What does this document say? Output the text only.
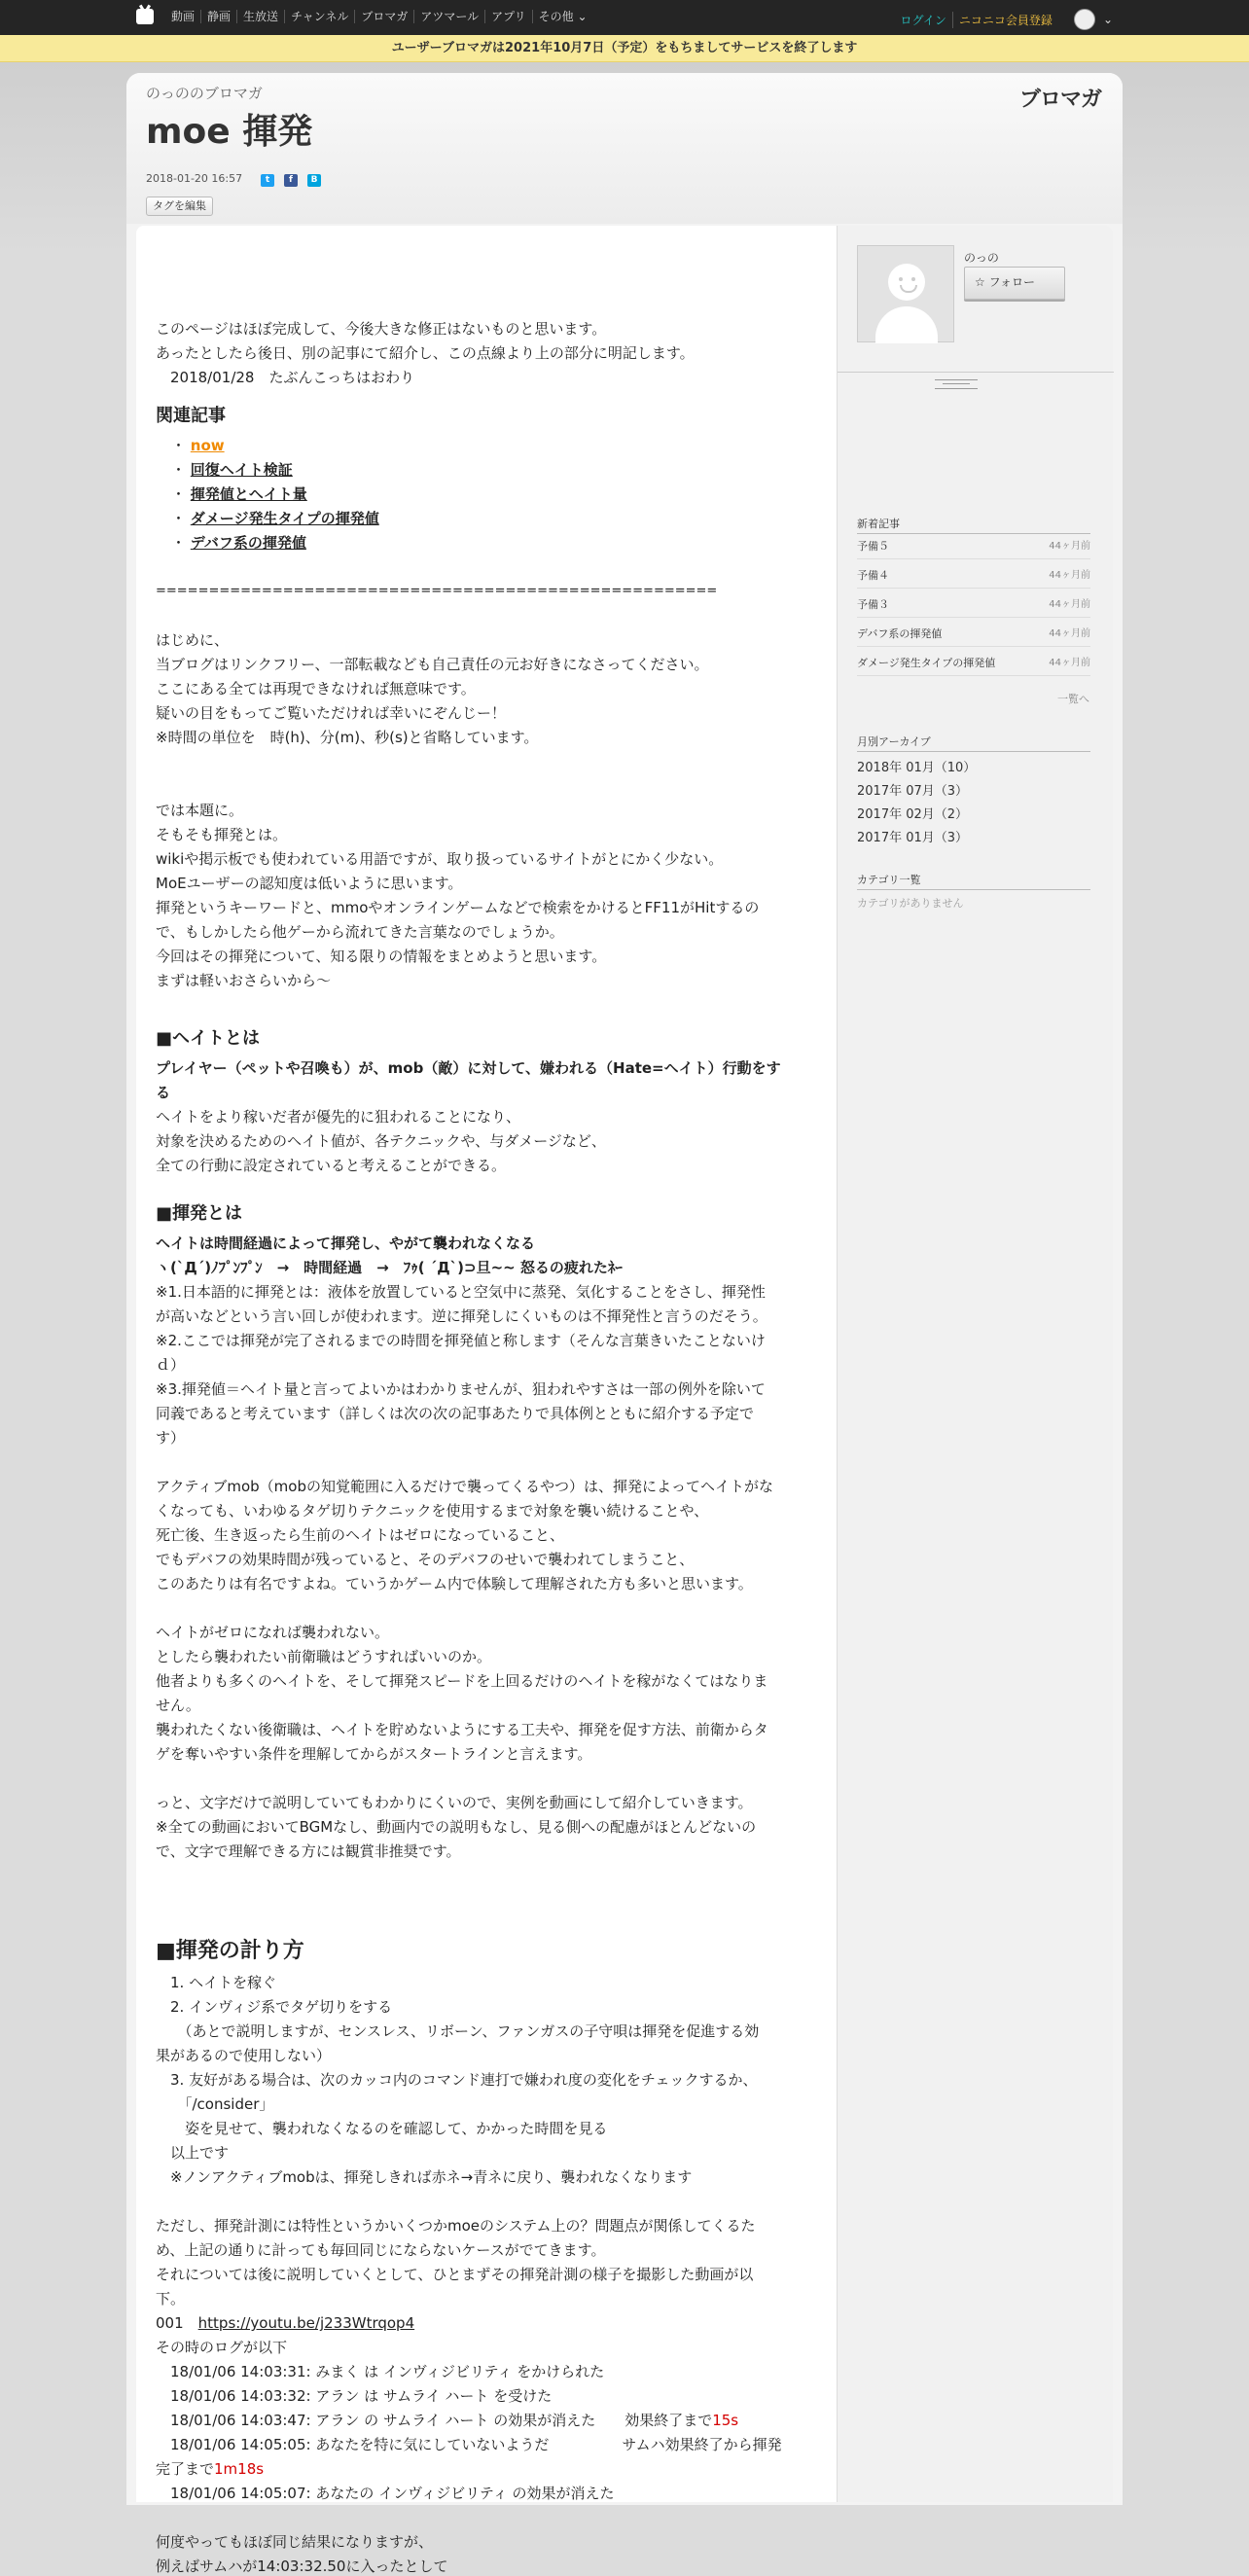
動画	静画	生放送	チャンネル	ブロマガ	アツマール	アプリ	その他 ⌄	ログイン	ニコニコ会員登録	⌄
ユーザーブロマガは2021年10月7日（予定）をもちましてサービスを終了します
のっののブロマガ
moe 揮発
ブロマガ
2018-01-20 16:57	t	f	B
タグを編集
このページはほぼ完成して、今後大きな修正はないものと思います。
あったとしたら後日、別の記事にて紹介し、この点線より上の部分に明記します。
　2018/01/28　たぶんこっちはおわり
関連記事
・ now
・ 回復ヘイト検証
・ 揮発値とヘイト量
・ ダメージ発生タイプの揮発値
・ デバフ系の揮発値
=====================================================
はじめに、
当ブログはリンクフリー、一部転載なども自己責任の元お好きになさってください。
ここにある全ては再現できなければ無意味です。
疑いの目をもってご覧いただければ幸いにぞんじー！
※時間の単位を　時(h)、分(m)、秒(s)と省略しています。
では本題に。
そもそも揮発とは。
wikiや掲示板でも使われている用語ですが、取り扱っているサイトがとにかく少ない。
MoEユーザーの認知度は低いように思います。
揮発というキーワードと、mmoやオンラインゲームなどで検索をかけるとFF11がHitするの
で、もしかしたら他ゲーから流れてきた言葉なのでしょうか。
今回はその揮発について、知る限りの情報をまとめようと思います。
まずは軽いおさらいから～
■ヘイトとは
プレイヤー（ペットや召喚も）が、mob（敵）に対して、嫌われる（Hate=ヘイト）行動をす
る
ヘイトをより稼いだ者が優先的に狙われることになり、
対象を決めるためのヘイト値が、各テクニックや、与ダメージなど、
全ての行動に設定されていると考えることができる。
■揮発とは
ヘイトは時間経過によって揮発し、やがて襲われなくなる
ヽ(`Д´)ﾉﾌﾟﾝﾌﾟﾝ　→　時間経過　→　ﾌｩ( ´Д`)⊃旦~~ 怒るの疲れたﾈｰ
※1.日本語的に揮発とは：液体を放置していると空気中に蒸発、気化することをさし、揮発性
が高いなどという言い回しが使われます。逆に揮発しにくいものは不揮発性と言うのだそう。
※2.ここでは揮発が完了されるまでの時間を揮発値と称します（そんな言葉きいたことないけ
ｄ）
※3.揮発値＝ヘイト量と言ってよいかはわかりませんが、狙われやすさは一部の例外を除いて
同義であると考えています（詳しくは次の次の記事あたりで具体例とともに紹介する予定で
す）
アクティブmob（mobの知覚範囲に入るだけで襲ってくるやつ）は、揮発によってヘイトがな
くなっても、いわゆるタゲ切りテクニックを使用するまで対象を襲い続けることや、
死亡後、生き返ったら生前のヘイトはゼロになっていること、
でもデバフの効果時間が残っていると、そのデバフのせいで襲われてしまうこと、
このあたりは有名ですよね。ていうかゲーム内で体験して理解された方も多いと思います。
ヘイトがゼロになれば襲われない。
としたら襲われたい前衛職はどうすればいいのか。
他者よりも多くのヘイトを、そして揮発スピードを上回るだけのヘイトを稼がなくてはなりま
せん。
襲われたくない後衛職は、ヘイトを貯めないようにする工夫や、揮発を促す方法、前衛からタ
ゲを奪いやすい条件を理解してからがスタートラインと言えます。
っと、文字だけで説明していてもわかりにくいので、実例を動画にして紹介していきます。
※全ての動画においてBGMなし、動画内での説明もなし、見る側への配慮がほとんどないの
で、文字で理解できる方には観賞非推奨です。
■揮発の計り方
　1. ヘイトを稼ぐ
　2. インヴィジ系でタゲ切りをする
　　（あとで説明しますが、センスレス、リボーン、ファンガスの子守唄は揮発を促進する効
果があるので使用しない）
　3. 友好がある場合は、次のカッコ内のコマンド連打で嫌われ度の変化をチェックするか、
　　「/consider」
　　姿を見せて、襲われなくなるのを確認して、かかった時間を見る
　以上です
　※ノンアクティブmobは、揮発しきれば赤ネ→青ネに戻り、襲われなくなります
ただし、揮発計測には特性というかいくつかmoeのシステム上の？問題点が関係してくるた
め、上記の通りに計っても毎回同じにならないケースがでてきます。
それについては後に説明していくとして、ひとまずその揮発計測の様子を撮影した動画が以
下。
001　 https://youtu.be/j233Wtrqop4
その時のログが以下
　18/01/06 14:03:31: みまく は インヴィジビリティ をかけられた
　18/01/06 14:03:32: アラン は サムライ ハート を受けた
　18/01/06 14:03:47: アラン の サムライ ハート の効果が消えた　　効果終了まで15s
　18/01/06 14:05:05: あなたを特に気にしていないようだ　　　　　サムハ効果終了から揮発
完了まで1m18s
　18/01/06 14:05:07: あなたの インヴィジビリティ の効果が消えた
何度やってもほぼ同じ結果になりますが、
例えばサムハが14:03:32.50に入ったとして
のっの
☆ フォロー
新着記事
予備５	44ヶ月前
予備４	44ヶ月前
予備３	44ヶ月前
デバフ系の揮発値	44ヶ月前
ダメージ発生タイプの揮発値	44ヶ月前
一覧へ
月別アーカイブ
2018年 01月（10）
2017年 07月（3）
2017年 02月（2）
2017年 01月（3）
カテゴリ一覧
カテゴリがありません
